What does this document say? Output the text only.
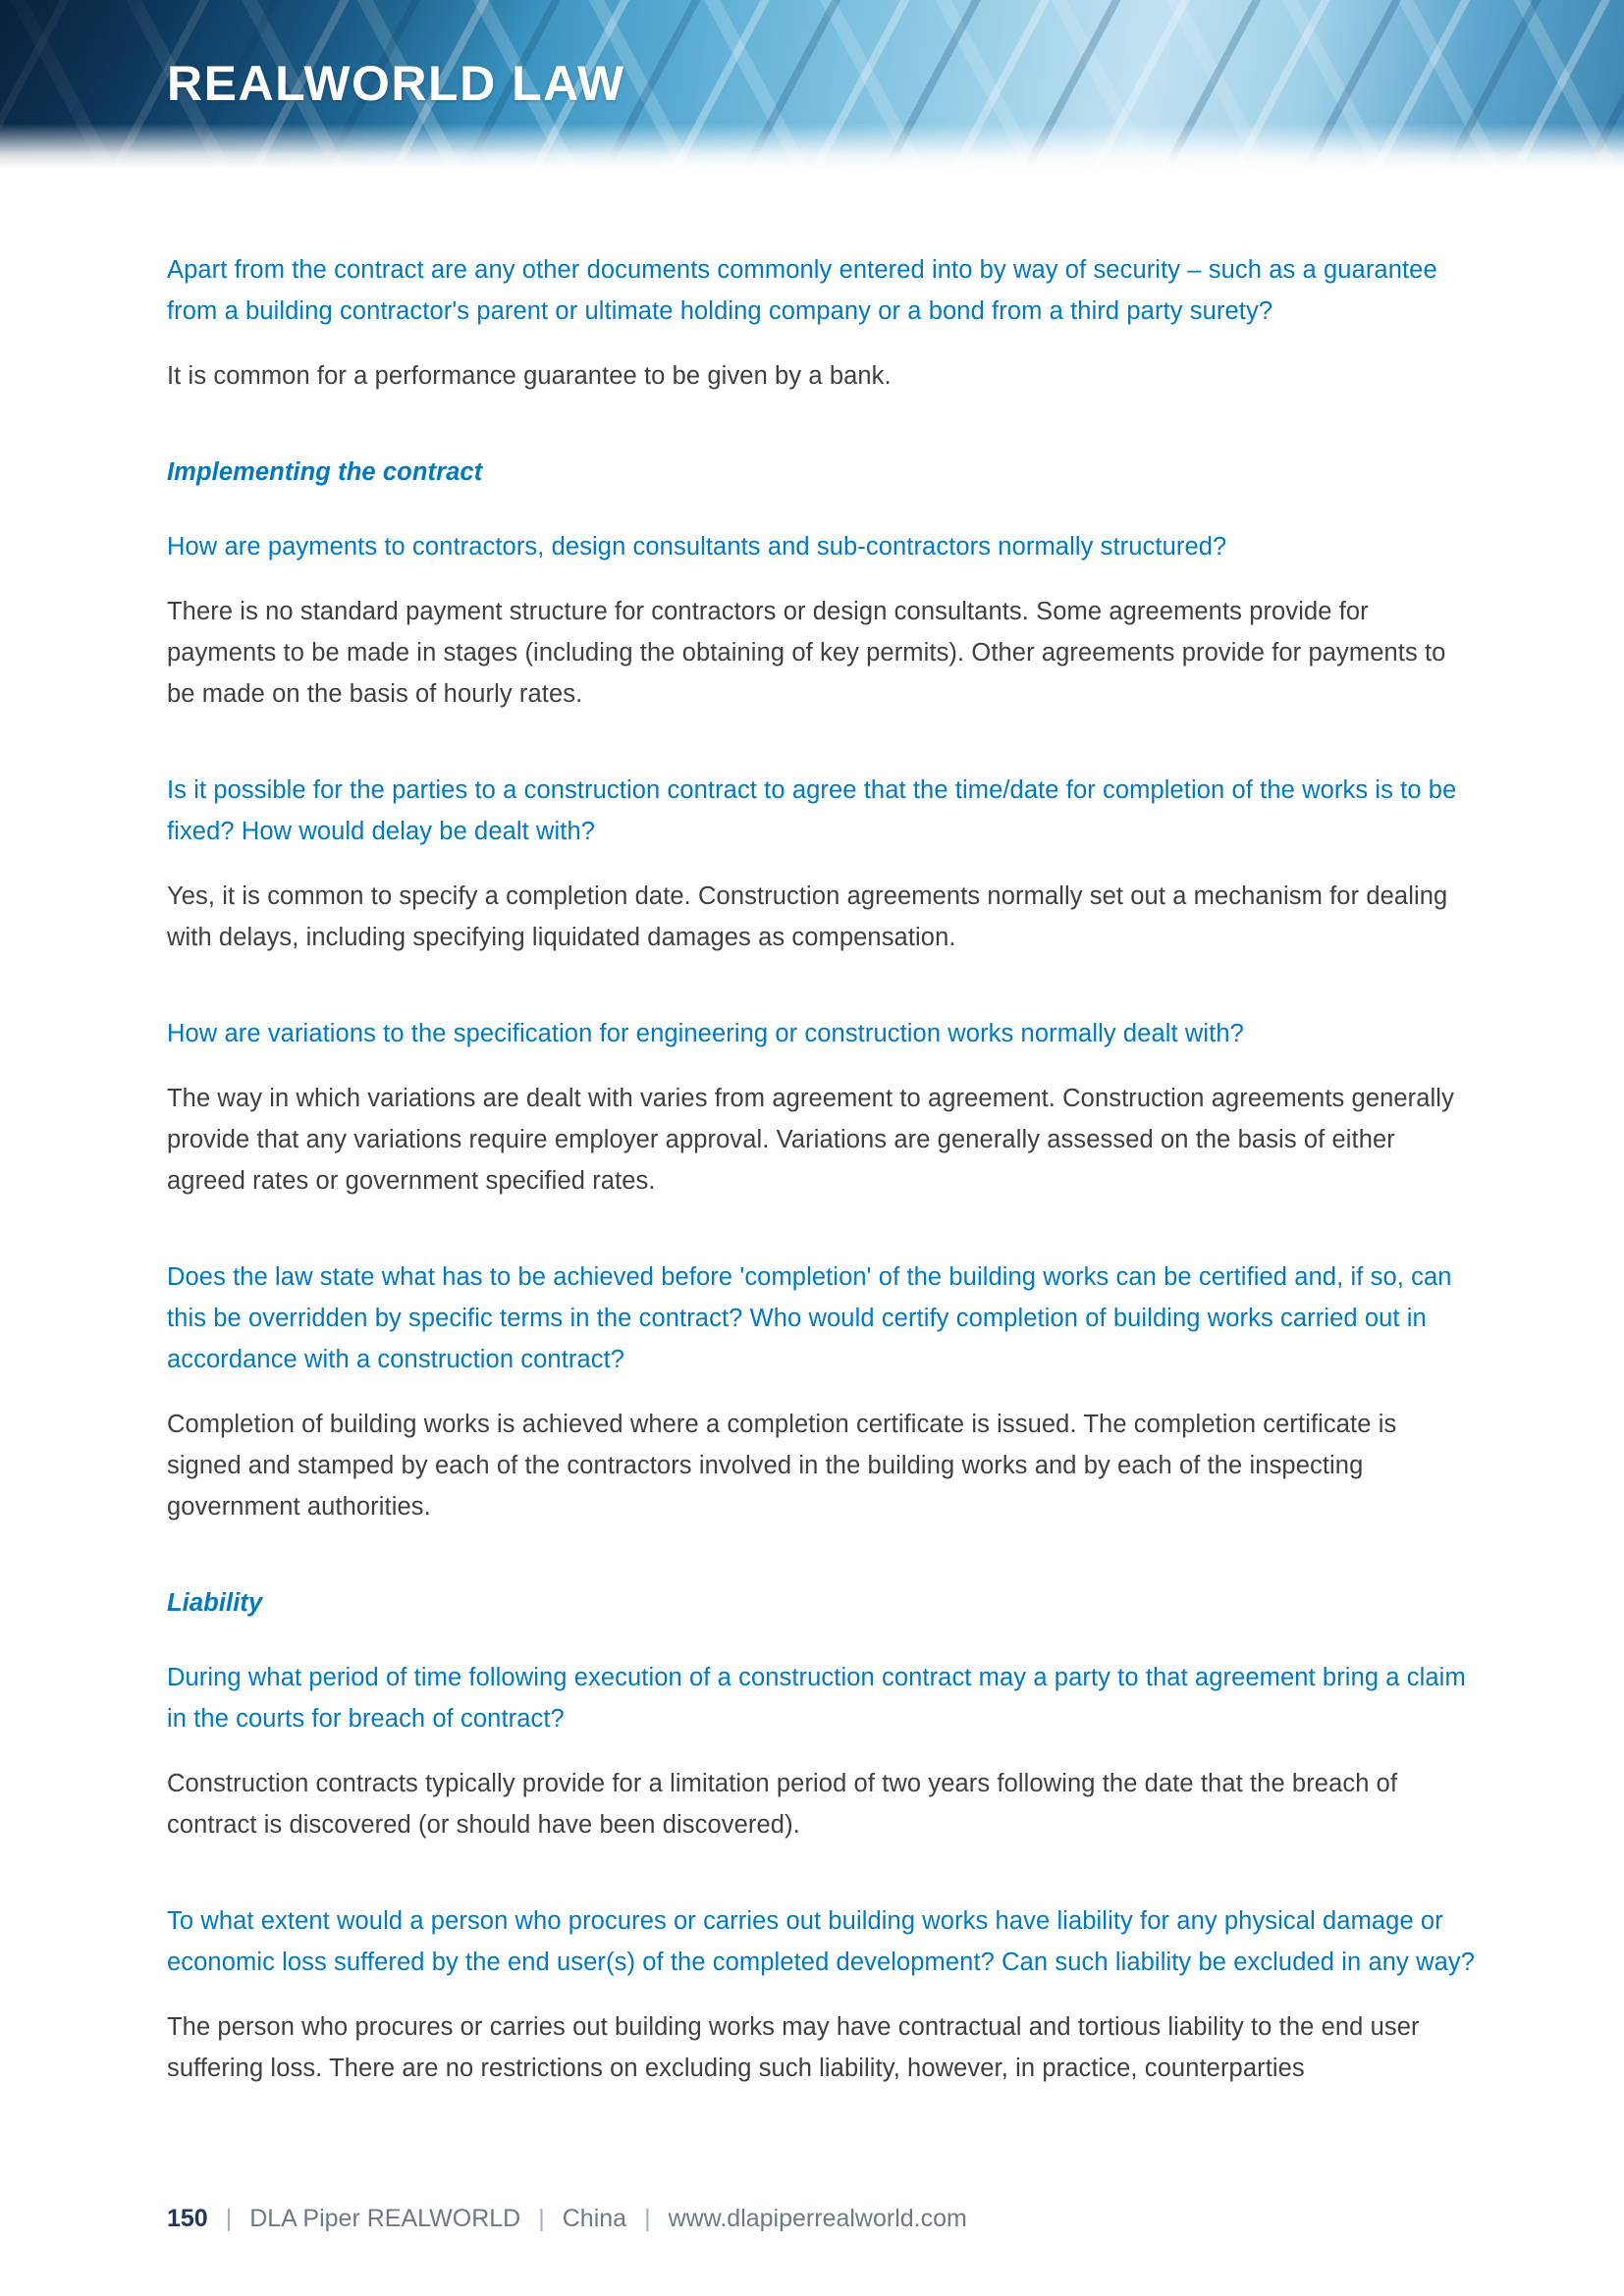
REALWORLD LAW

Apart from the contract are any other documents commonly entered into by way of security – such as a guarantee from a building contractor's parent or ultimate holding company or a bond from a third party surety?

It is common for a performance guarantee to be given by a bank.

Implementing the contract

How are payments to contractors, design consultants and sub-contractors normally structured?

There is no standard payment structure for contractors or design consultants. Some agreements provide for payments to be made in stages (including the obtaining of key permits). Other agreements provide for payments to be made on the basis of hourly rates.

Is it possible for the parties to a construction contract to agree that the time/date for completion of the works is to be fixed? How would delay be dealt with?

Yes, it is common to specify a completion date. Construction agreements normally set out a mechanism for dealing with delays, including specifying liquidated damages as compensation.

How are variations to the specification for engineering or construction works normally dealt with?

The way in which variations are dealt with varies from agreement to agreement. Construction agreements generally provide that any variations require employer approval. Variations are generally assessed on the basis of either agreed rates or government specified rates.

Does the law state what has to be achieved before 'completion' of the building works can be certified and, if so, can this be overridden by specific terms in the contract? Who would certify completion of building works carried out in accordance with a construction contract?

Completion of building works is achieved where a completion certificate is issued. The completion certificate is signed and stamped by each of the contractors involved in the building works and by each of the inspecting government authorities.

Liability

During what period of time following execution of a construction contract may a party to that agreement bring a claim in the courts for breach of contract?

Construction contracts typically provide for a limitation period of two years following the date that the breach of contract is discovered (or should have been discovered).

To what extent would a person who procures or carries out building works have liability for any physical damage or economic loss suffered by the end user(s) of the completed development? Can such liability be excluded in any way?

The person who procures or carries out building works may have contractual and tortious liability to the end user suffering loss. There are no restrictions on excluding such liability, however, in practice, counterparties

150 | DLA Piper REALWORLD | China | www.dlapiperrealworld.com
